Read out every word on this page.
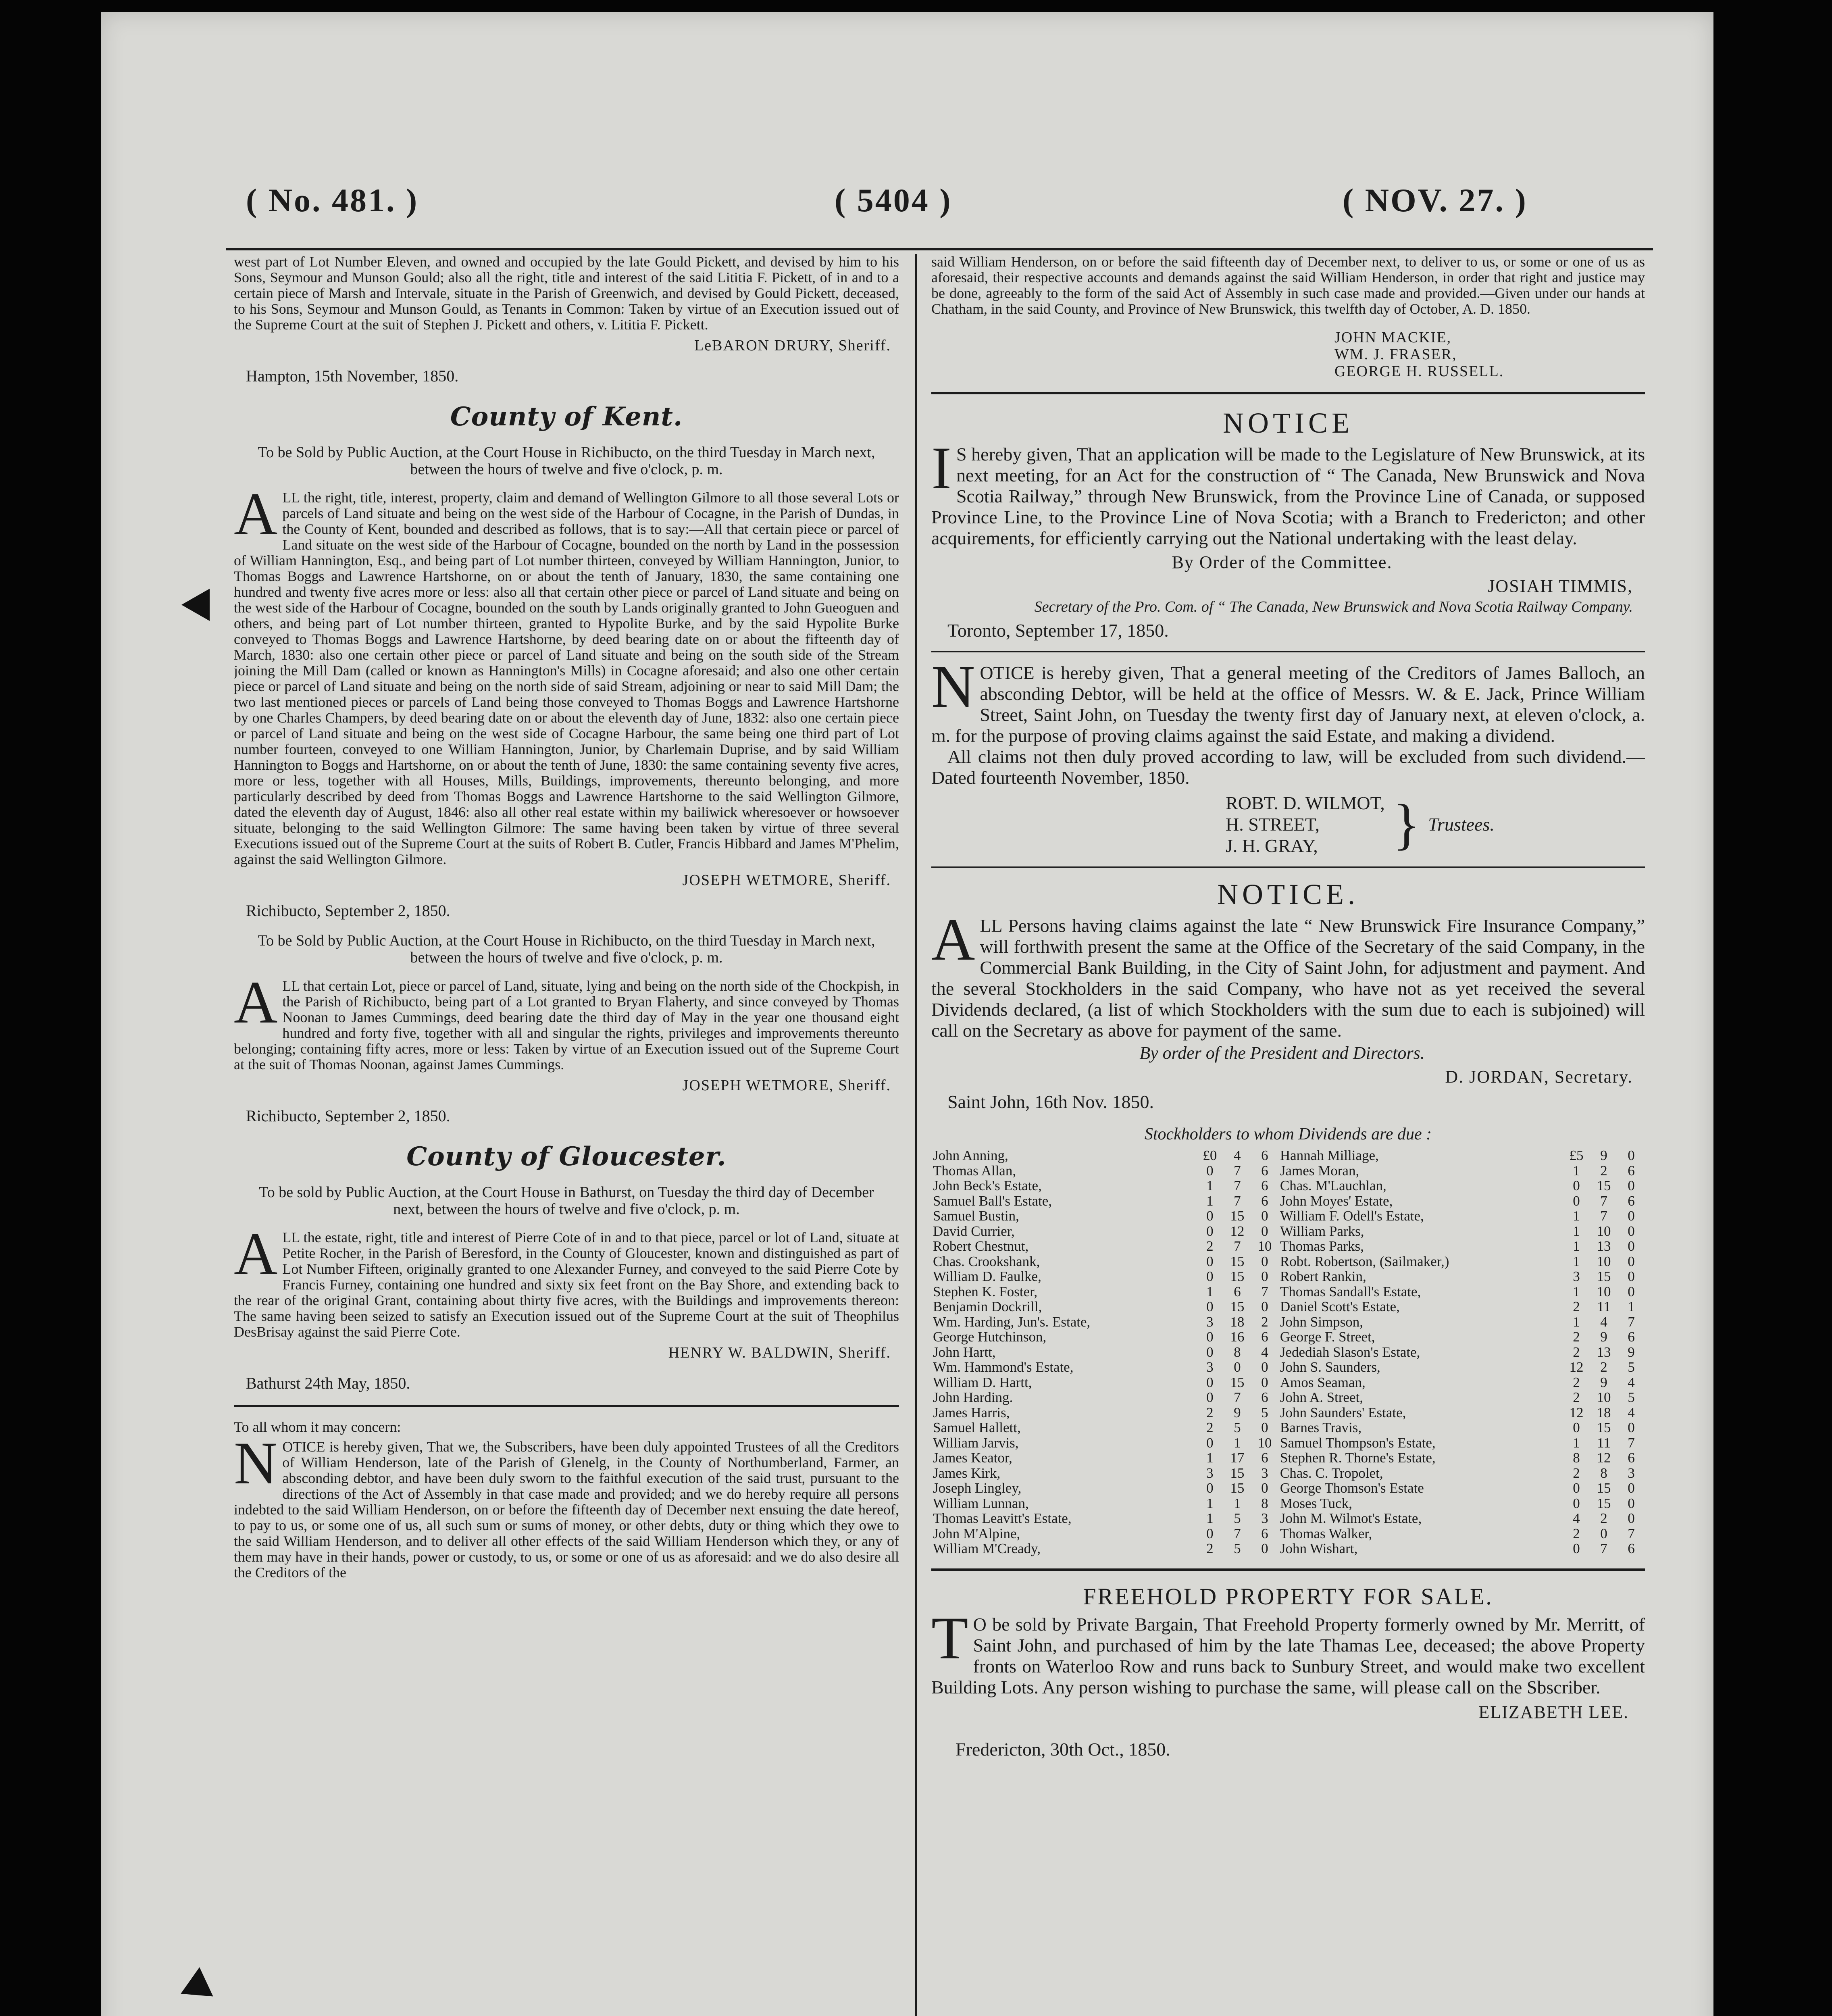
( No. 481. )	( 5404 )	( NOV. 27. )

west part of Lot Number Eleven, and owned and occupied by the late Gould Pickett, and devised by him to his Sons, Seymour and Munson Gould; also all the right, title and interest of the said Lititia F. Pickett, of in and to a certain piece of Marsh and Intervale, situate in the Parish of Greenwich, and devised by Gould Pickett, deceased, to his Sons, Seymour and Munson Gould, as Tenants in Common: Taken by virtue of an Execution issued out of the Supreme Court at the suit of Stephen J. Pickett and others, v. Lititia F. Pickett.

LeBARON DRURY, Sheriff.
Hampton, 15th November, 1850.
County of Kent.

To be Sold by Public Auction, at the Court House in Richibucto, on the third Tuesday in March next, between the hours of twelve and five o'clock, p. m.

ALL the right, title, interest, property, claim and demand of Wellington Gilmore to all those several Lots or parcels of Land situate and being on the west side of the Harbour of Cocagne, in the Parish of Dundas, in the County of Kent, bounded and described as follows, that is to say:—All that certain piece or parcel of Land situate on the west side of the Harbour of Cocagne, bounded on the north by Land in the possession of William Hannington, Esq., and being part of Lot number thirteen, conveyed by William Hannington, Junior, to Thomas Boggs and Lawrence Hartshorne, on or about the tenth of January, 1830, the same containing one hundred and twenty five acres more or less: also all that certain other piece or parcel of Land situate and being on the west side of the Harbour of Cocagne, bounded on the south by Lands originally granted to John Gueoguen and others, and being part of Lot number thirteen, granted to Hypolite Burke, and by the said Hypolite Burke conveyed to Thomas Boggs and Lawrence Hartshorne, by deed bearing date on or about the fifteenth day of March, 1830: also one certain other piece or parcel of Land situate and being on the south side of the Stream joining the Mill Dam (called or known as Hannington's Mills) in Cocagne aforesaid; and also one other certain piece or parcel of Land situate and being on the north side of said Stream, adjoining or near to said Mill Dam; the two last mentioned pieces or parcels of Land being those conveyed to Thomas Boggs and Lawrence Hartshorne by one Charles Champers, by deed bearing date on or about the eleventh day of June, 1832: also one certain piece or parcel of Land situate and being on the west side of Cocagne Harbour, the same being one third part of Lot number fourteen, conveyed to one William Hannington, Junior, by Charlemain Duprise, and by said William Hannington to Boggs and Hartshorne, on or about the tenth of June, 1830: the same containing seventy five acres, more or less, together with all Houses, Mills, Buildings, improvements, thereunto belonging, and more particularly described by deed from Thomas Boggs and Lawrence Hartshorne to the said Wellington Gilmore, dated the eleventh day of August, 1846: also all other real estate within my bailiwick wheresoever or howsoever situate, belonging to the said Wellington Gilmore: The same having been taken by virtue of three several Executions issued out of the Supreme Court at the suits of Robert B. Cutler, Francis Hibbard and James M'Phelim, against the said Wellington Gilmore.

JOSEPH WETMORE, Sheriff.
Richibucto, September 2, 1850.

To be Sold by Public Auction, at the Court House in Richibucto, on the third Tuesday in March next, between the hours of twelve and five o'clock, p. m.

ALL that certain Lot, piece or parcel of Land, situate, lying and being on the north side of the Chockpish, in the Parish of Richibucto, being part of a Lot granted to Bryan Flaherty, and since conveyed by Thomas Noonan to James Cummings, deed bearing date the third day of May in the year one thousand eight hundred and forty five, together with all and singular the rights, privileges and improvements thereunto belonging; containing fifty acres, more or less: Taken by virtue of an Execution issued out of the Supreme Court at the suit of Thomas Noonan, against James Cummings.

JOSEPH WETMORE, Sheriff.
Richibucto, September 2, 1850.
County of Gloucester.

To be sold by Public Auction, at the Court House in Bathurst, on Tuesday the third day of December next, between the hours of twelve and five o'clock, p. m.

ALL the estate, right, title and interest of Pierre Cote of in and to that piece, parcel or lot of Land, situate at Petite Rocher, in the Parish of Beresford, in the County of Gloucester, known and distinguished as part of Lot Number Fifteen, originally granted to one Alexander Furney, and conveyed to the said Pierre Cote by Francis Furney, containing one hundred and sixty six feet front on the Bay Shore, and extending back to the rear of the original Grant, containing about thirty five acres, with the Buildings and improvements thereon: The same having been seized to satisfy an Execution issued out of the Supreme Court at the suit of Theophilus DesBrisay against the said Pierre Cote.

HENRY W. BALDWIN, Sheriff.
Bathurst 24th May, 1850.
To all whom it may concern:

NOTICE is hereby given, That we, the Subscribers, have been duly appointed Trustees of all the Creditors of William Henderson, late of the Parish of Glenelg, in the County of Northumberland, Farmer, an absconding debtor, and have been duly sworn to the faithful execution of the said trust, pursuant to the directions of the Act of Assembly in that case made and provided; and we do hereby require all persons indebted to the said William Henderson, on or before the fifteenth day of December next ensuing the date hereof, to pay to us, or some one of us, all such sum or sums of money, or other debts, duty or thing which they owe to the said William Henderson, and to deliver all other effects of the said William Henderson which they, or any of them may have in their hands, power or custody, to us, or some or one of us as aforesaid: and we do also desire all the Creditors of the

said William Henderson, on or before the said fifteenth day of December next, to deliver to us, or some or one of us as aforesaid, their respective accounts and demands against the said William Henderson, in order that right and justice may be done, agreeably to the form of the said Act of Assembly in such case made and provided.—Given under our hands at Chatham, in the said County, and Province of New Brunswick, this twelfth day of October, A. D. 1850.

JOHN MACKIE,
WM. J. FRASER,
GEORGE H. RUSSELL.
NOTICE

I S hereby given, That an application will be made to the Legislature of New Brunswick, at its next meeting, for an Act for the construction of “ The Canada, New Brunswick and Nova Scotia Railway,” through New Brunswick, from the Province Line of Canada, or supposed Province Line, to the Province Line of Nova Scotia; with a Branch to Fredericton; and other acquirements, for efficiently carrying out the National undertaking with the least delay.

By Order of the Committee.
JOSIAH TIMMIS,
Secretary of the Pro. Com. of “ The Canada, New Brunswick and Nova Scotia Railway Company.
Toronto, September 17, 1850.

NOTICE is hereby given, That a general meeting of the Creditors of James Balloch, an absconding Debtor, will be held at the office of Messrs. W. & E. Jack, Prince William Street, Saint John, on Tuesday the twenty first day of January next, at eleven o'clock, a. m. for the purpose of proving claims against the said Estate, and making a dividend.

All claims not then duly proved according to law, will be excluded from such dividend.—Dated fourteenth November, 1850.

ROBT. D. WILMOT,
H. STREET,
J. H. GRAY,	}	Trustees.
NOTICE.

ALL Persons having claims against the late “ New Brunswick Fire Insurance Company,” will forthwith present the same at the Office of the Secretary of the said Company, in the Commercial Bank Building, in the City of Saint John, for adjustment and payment. And the several Stockholders in the said Company, who have not as yet received the several Dividends declared, (a list of which Stockholders with the sum due to each is subjoined) will call on the Secretary as above for payment of the same.

By order of the President and Directors.
D. JORDAN, Secretary.
Saint John, 16th Nov. 1850.
Stockholders to whom Dividends are due :
John Anning,	£0	4	6	Hannah Milliage,	£5	9	0
Thomas Allan,	0	7	6	James Moran,	1	2	6
John Beck's Estate,	1	7	6	Chas. M'Lauchlan,	0	15	0
Samuel Ball's Estate,	1	7	6	John Moyes' Estate,	0	7	6
Samuel Bustin,	0	15	0	William F. Odell's Estate,	1	7	0
David Currier,	0	12	0	William Parks,	1	10	0
Robert Chestnut,	2	7	10	Thomas Parks,	1	13	0
Chas. Crookshank,	0	15	0	Robt. Robertson, (Sailmaker,)	1	10	0
William D. Faulke,	0	15	0	Robert Rankin,	3	15	0
Stephen K. Foster,	1	6	7	Thomas Sandall's Estate,	1	10	0
Benjamin Dockrill,	0	15	0	Daniel Scott's Estate,	2	11	1
Wm. Harding, Jun's. Estate,	3	18	2	John Simpson,	1	4	7
George Hutchinson,	0	16	6	George F. Street,	2	9	6
John Hartt,	0	8	4	Jedediah Slason's Estate,	2	13	9
Wm. Hammond's Estate,	3	0	0	John S. Saunders,	12	2	5
William D. Hartt,	0	15	0	Amos Seaman,	2	9	4
John Harding.	0	7	6	John A. Street,	2	10	5
James Harris,	2	9	5	John Saunders' Estate,	12	18	4
Samuel Hallett,	2	5	0	Barnes Travis,	0	15	0
William Jarvis,	0	1	10	Samuel Thompson's Estate,	1	11	7
James Keator,	1	17	6	Stephen R. Thorne's Estate,	8	12	6
James Kirk,	3	15	3	Chas. C. Tropolet,	2	8	3
Joseph Lingley,	0	15	0	George Thomson's Estate	0	15	0
William Lunnan,	1	1	8	Moses Tuck,	0	15	0
Thomas Leavitt's Estate,	1	5	3	John M. Wilmot's Estate,	4	2	0
John M'Alpine,	0	7	6	Thomas Walker,	2	0	7
William M'Cready,	2	5	0	John Wishart,	0	7	6

FREEHOLD PROPERTY FOR SALE.

T O be sold by Private Bargain, That Freehold Property formerly owned by Mr. Merritt, of Saint John, and purchased of him by the late Thamas Lee, deceased; the above Property fronts on Waterloo Row and runs back to Sunbury Street, and would make two excellent Building Lots. Any person wishing to purchase the same, will please call on the Sbscriber.

ELIZABETH LEE.
Fredericton, 30th Oct., 1850.
